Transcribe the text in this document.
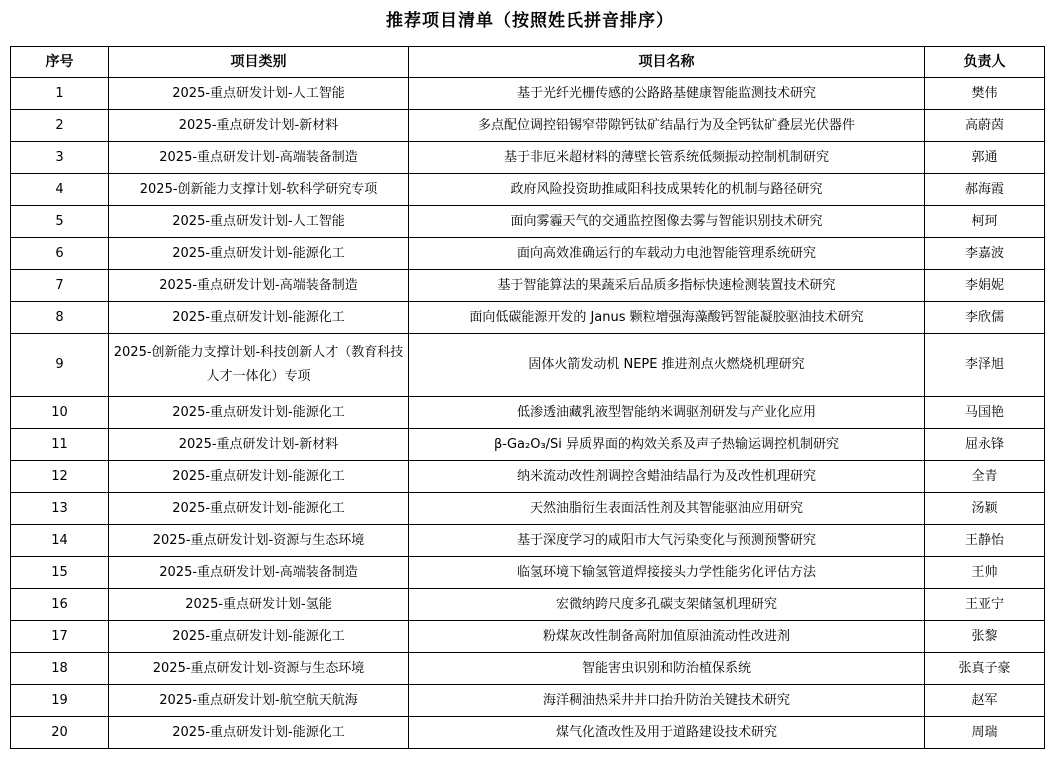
推荐项目清单（按照姓氏拼音排序）
序号	项目类别	项目名称	负责人
1	2025-重点研发计划-人工智能	基于光纤光栅传感的公路路基健康智能监测技术研究	樊伟
2	2025-重点研发计划-新材料	多点配位调控铅锡窄带隙钙钛矿结晶行为及全钙钛矿叠层光伏器件	高蔚茵
3	2025-重点研发计划-高端装备制造	基于非厄米超材料的薄壁长管系统低频振动控制机制研究	郭通
4	2025-创新能力支撑计划-软科学研究专项	政府风险投资助推咸阳科技成果转化的机制与路径研究	郝海霞
5	2025-重点研发计划-人工智能	面向雾霾天气的交通监控图像去雾与智能识别技术研究	柯珂
6	2025-重点研发计划-能源化工	面向高效准确运行的车载动力电池智能管理系统研究	李嘉波
7	2025-重点研发计划-高端装备制造	基于智能算法的果蔬采后品质多指标快速检测装置技术研究	李娟妮
8	2025-重点研发计划-能源化工	面向低碳能源开发的 Janus 颗粒增强海藻酸钙智能凝胶驱油技术研究	李欣儒
9	2025-创新能力支撑计划-科技创新人才（教育科技人才一体化）专项	固体火箭发动机 NEPE 推进剂点火燃烧机理研究	李泽旭
10	2025-重点研发计划-能源化工	低渗透油藏乳液型智能纳米调驱剂研发与产业化应用	马国艳
11	2025-重点研发计划-新材料	β-Ga₂O₃/Si 异质界面的构效关系及声子热输运调控机制研究	屈永锋
12	2025-重点研发计划-能源化工	纳米流动改性剂调控含蜡油结晶行为及改性机理研究	全青
13	2025-重点研发计划-能源化工	天然油脂衍生表面活性剂及其智能驱油应用研究	汤颖
14	2025-重点研发计划-资源与生态环境	基于深度学习的咸阳市大气污染变化与预测预警研究	王静怡
15	2025-重点研发计划-高端装备制造	临氢环境下输氢管道焊接接头力学性能劣化评估方法	王帅
16	2025-重点研发计划-氢能	宏微纳跨尺度多孔碳支架储氢机理研究	王亚宁
17	2025-重点研发计划-能源化工	粉煤灰改性制备高附加值原油流动性改进剂	张黎
18	2025-重点研发计划-资源与生态环境	智能害虫识别和防治植保系统	张真子豪
19	2025-重点研发计划-航空航天航海	海洋稠油热采井井口抬升防治关键技术研究	赵军
20	2025-重点研发计划-能源化工	煤气化渣改性及用于道路建设技术研究	周瑞
